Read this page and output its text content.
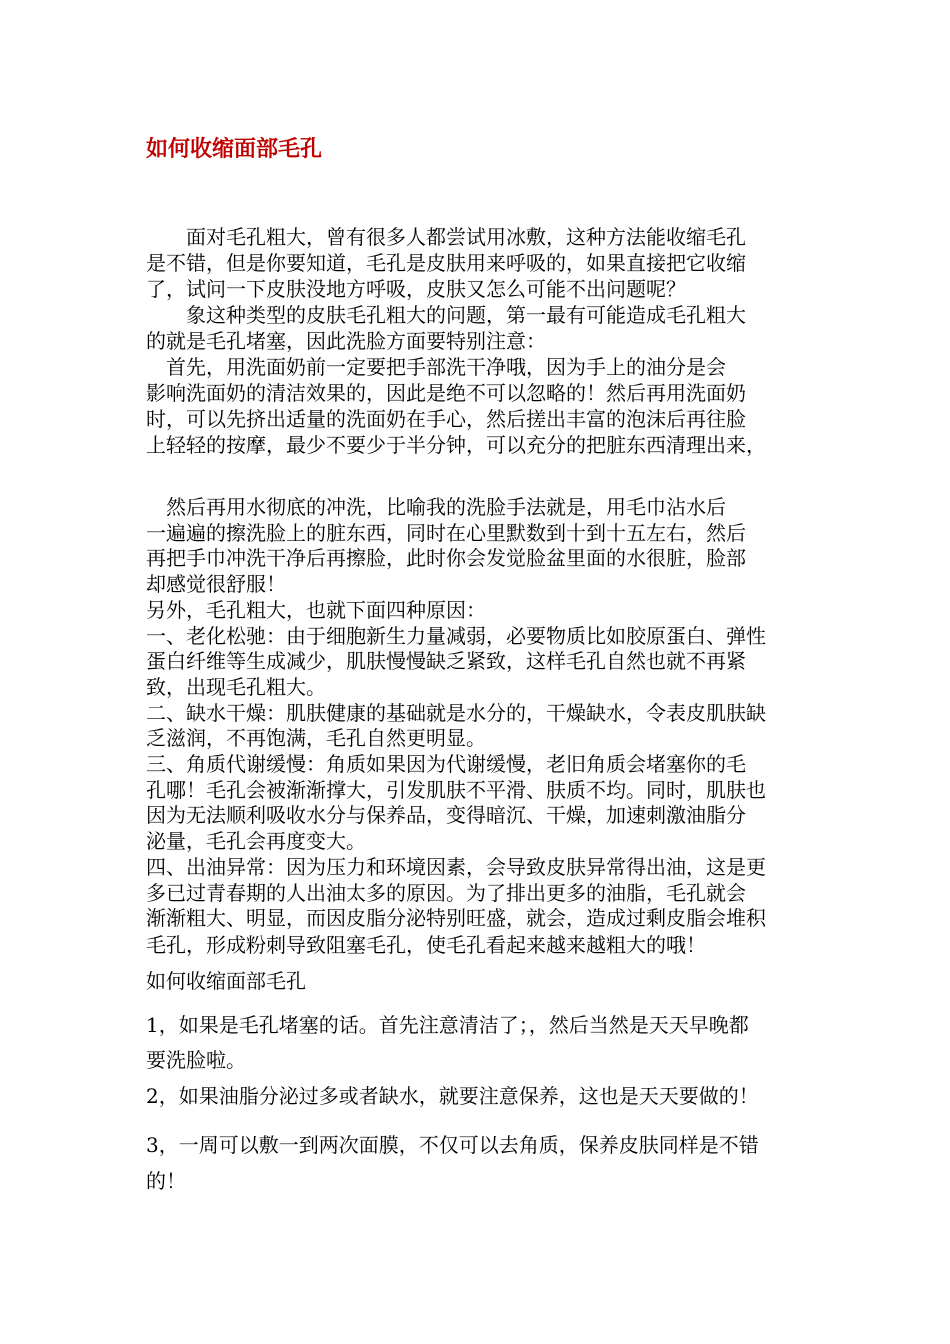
如何收缩面部毛孔

　　面对毛孔粗大，曾有很多人都尝试用冰敷，这种方法能收缩毛孔

是不错，但是你要知道，毛孔是皮肤用来呼吸的，如果直接把它收缩

了，试问一下皮肤没地方呼吸，皮肤又怎么可能不出问题呢？

　　象这种类型的皮肤毛孔粗大的问题，第一最有可能造成毛孔粗大

的就是毛孔堵塞，因此洗脸方面要特别注意：

　首先，用洗面奶前一定要把手部洗干净哦，因为手上的油分是会

影响洗面奶的清洁效果的，因此是绝不可以忽略的！然后再用洗面奶

时，可以先挤出适量的洗面奶在手心，然后搓出丰富的泡沫后再往脸

上轻轻的按摩，最少不要少于半分钟，可以充分的把脏东西清理出来，

　然后再用水彻底的冲洗，比喻我的洗脸手法就是，用毛巾沾水后

一遍遍的擦洗脸上的脏东西，同时在心里默数到十到十五左右，然后

再把手巾冲洗干净后再擦脸，此时你会发觉脸盆里面的水很脏，脸部

却感觉很舒服！

另外，毛孔粗大，也就下面四种原因：

一、老化松驰：由于细胞新生力量减弱，必要物质比如胶原蛋白、弹性

蛋白纤维等生成减少，肌肤慢慢缺乏紧致，这样毛孔自然也就不再紧

致，出现毛孔粗大。

二、缺水干燥：肌肤健康的基础就是水分的，干燥缺水，令表皮肌肤缺

乏滋润，不再饱满，毛孔自然更明显。

三、角质代谢缓慢：角质如果因为代谢缓慢，老旧角质会堵塞你的毛

孔哪！毛孔会被渐渐撑大，引发肌肤不平滑、肤质不均。同时，肌肤也

因为无法顺利吸收水分与保养品，变得暗沉、干燥，加速刺激油脂分

泌量，毛孔会再度变大。

四、出油异常：因为压力和环境因素，会导致皮肤异常得出油，这是更

多已过青春期的人出油太多的原因。为了排出更多的油脂，毛孔就会

渐渐粗大、明显，而因皮脂分泌特别旺盛，就会，造成过剩皮脂会堆积

毛孔，形成粉刺导致阻塞毛孔，使毛孔看起来越来越粗大的哦！
如何收缩面部毛孔
1，如果是毛孔堵塞的话。首先注意清洁了；，然后当然是天天早晚都
要洗脸啦。
2，如果油脂分泌过多或者缺水，就要注意保养，这也是天天要做的！
3，一周可以敷一到两次面膜，不仅可以去角质，保养皮肤同样是不错
的！
